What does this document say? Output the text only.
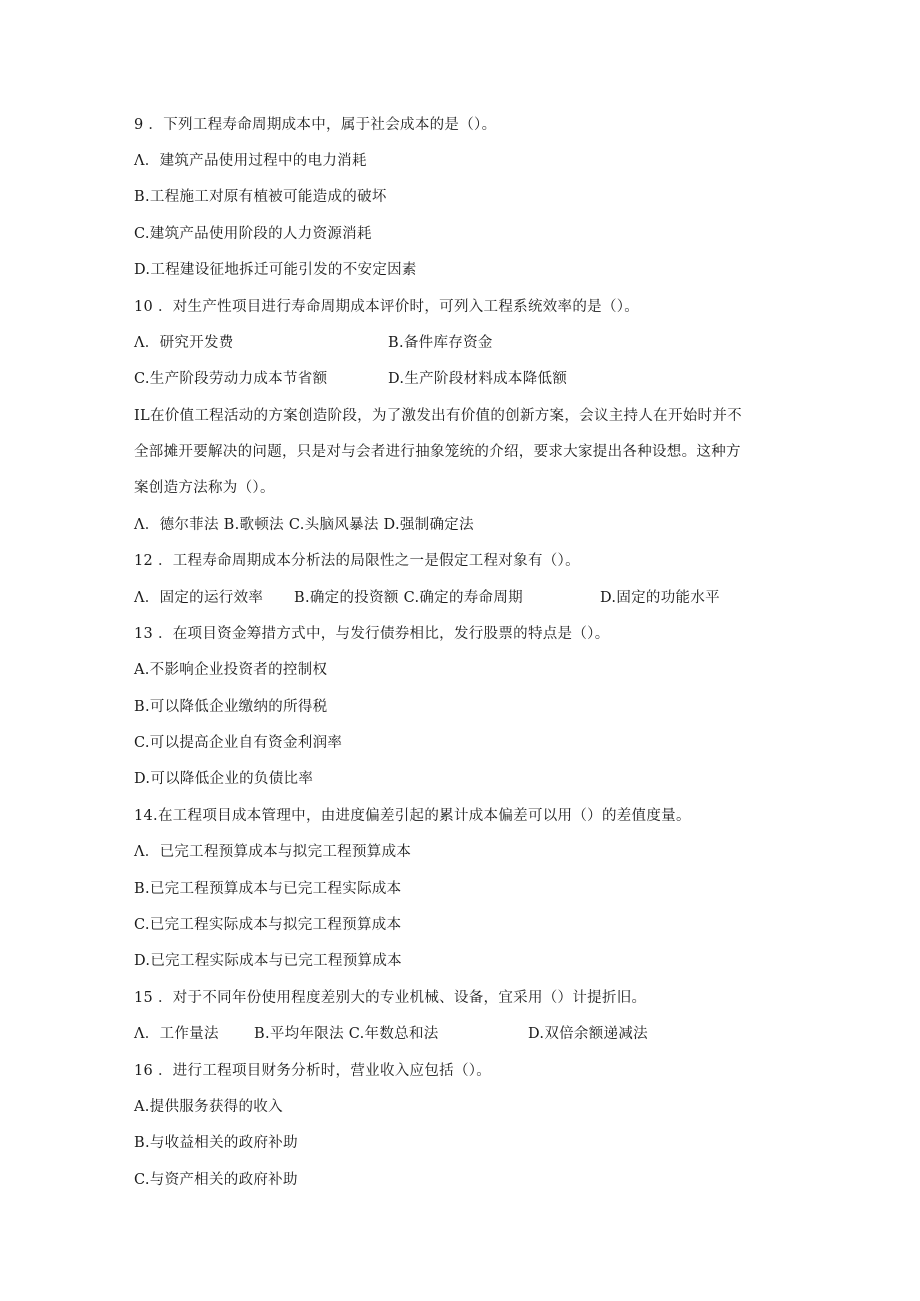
9 ．下列工程寿命周期成本中，属于社会成本的是（）。
Λ．建筑产品使用过程中的电力消耗
B.工程施工对原有植被可能造成的破坏
C.建筑产品使用阶段的人力资源消耗
D.工程建设征地拆迁可能引发的不安定因素
10 ．对生产性项目进行寿命周期成本评价时，可列入工程系统效率的是（）。
Λ．研究开发费	B.备件库存资金
C.生产阶段劳动力成本节省额	D.生产阶段材料成本降低额
IL在价值工程活动的方案创造阶段，为了激发出有价值的创新方案，会议主持人在开始时并不
全部摊开要解决的问题，只是对与会者进行抽象笼统的介绍，要求大家提出各种设想。这种方
案创造方法称为（）。
Λ．德尔菲法 B.歌顿法 C.头脑风暴法 D.强制确定法
12 ．工程寿命周期成本分析法的局限性之一是假定工程对象有（）。
Λ．固定的运行效率 B.确定的投资额 C.确定的寿命周期	D.固定的功能水平
13 ．在项目资金筹措方式中，与发行债券相比，发行股票的特点是（）。
A.不影响企业投资者的控制权
B.可以降低企业缴纳的所得税
C.可以提高企业自有资金利润率
D.可以降低企业的负债比率
14.在工程项目成本管理中，由进度偏差引起的累计成本偏差可以用（）的差值度量。
Λ．已完工程预算成本与拟完工程预算成本
B.已完工程预算成本与已完工程实际成本
C.已完工程实际成本与拟完工程预算成本
D.已完工程实际成本与已完工程预算成本
15 ．对于不同年份使用程度差别大的专业机械、设备，宜采用（）计提折旧。
Λ．工作量法 B.平均年限法 C.年数总和法	D.双倍余额递减法
16 ．进行工程项目财务分析时，营业收入应包括（）。
A.提供服务获得的收入
B.与收益相关的政府补助
C.与资产相关的政府补助
